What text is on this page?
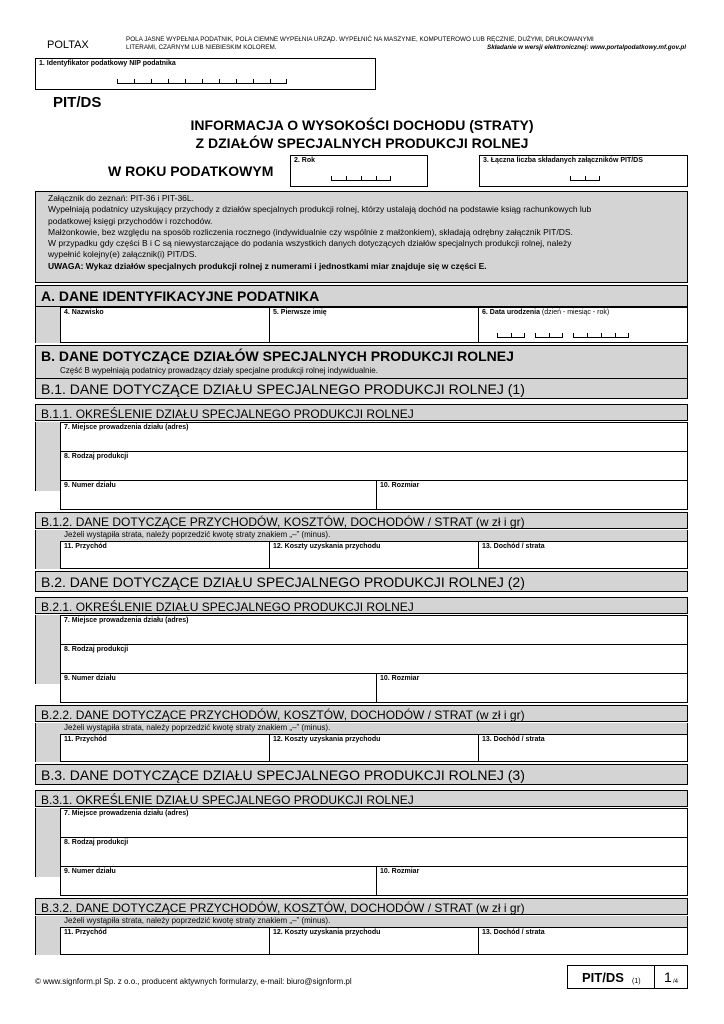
POLTAX	POLA JASNE WYPEŁNIA PODATNIK, POLA CIEMNE WYPEŁNIA URZĄD. WYPEŁNIĆ NA MASZYNIE, KOMPUTEROWO LUB RĘCZNIE, DUŻYMI, DRUKOWANYMI
LITERAMI, CZARNYM LUB NIEBIESKIM KOLOREM.	Składanie w wersji elektronicznej: www.portalpodatkowy.mf.gov.pl
1. Identyfikator podatkowy NIP podatnika
PIT/DS
INFORMACJA O WYSOKOŚCI DOCHODU (STRATY)
Z DZIAŁÓW SPECJALNYCH PRODUKCJI ROLNEJ
W ROKU PODATKOWYM
2. Rok	3. Łączna liczba składanych załączników PIT/DS
Załącznik do zeznań: PIT-36 i PIT-36L.
Wypełniają podatnicy uzyskujący przychody z działów specjalnych produkcji rolnej, którzy ustalają dochód na podstawie ksiąg rachunkowych lub
podatkowej księgi przychodów i rozchodów.
Małżonkowie, bez względu na sposób rozliczenia rocznego (indywidualnie czy wspólnie z małżonkiem), składają odrębny załącznik PIT/DS.
W przypadku gdy części B i C są niewystarczające do podania wszystkich danych dotyczących działów specjalnych produkcji rolnej, należy
wypełnić kolejny(e) załącznik(i) PIT/DS.
UWAGA: Wykaz działów specjalnych produkcji rolnej z numerami i jednostkami miar znajduje się w części E.
A. DANE IDENTYFIKACYJNE PODATNIKA
4. Nazwisko	5. Pierwsze imię	6. Data urodzenia (dzień - miesiąc - rok)
B. DANE DOTYCZĄCE DZIAŁÓW SPECJALNYCH PRODUKCJI ROLNEJ
Część B wypełniają podatnicy prowadzący działy specjalne produkcji rolnej indywidualnie.
B.1. DANE DOTYCZĄCE DZIAŁU SPECJALNEGO PRODUKCJI ROLNEJ (1)
B.1.1. OKREŚLENIE DZIAŁU SPECJALNEGO PRODUKCJI ROLNEJ
7. Miejsce prowadzenia działu (adres)
8. Rodzaj produkcji
9. Numer działu	10. Rozmiar
B.1.2. DANE DOTYCZĄCE PRZYCHODÓW, KOSZTÓW, DOCHODÓW / STRAT (w zł i gr)
Jeżeli wystąpiła strata, należy poprzedzić kwotę straty znakiem „–” (minus).
11. Przychód	12. Koszty uzyskania przychodu	13. Dochód / strata
B.2. DANE DOTYCZĄCE DZIAŁU SPECJALNEGO PRODUKCJI ROLNEJ (2)
B.2.1. OKREŚLENIE DZIAŁU SPECJALNEGO PRODUKCJI ROLNEJ
7. Miejsce prowadzenia działu (adres)
8. Rodzaj produkcji
9. Numer działu	10. Rozmiar
B.2.2. DANE DOTYCZĄCE PRZYCHODÓW, KOSZTÓW, DOCHODÓW / STRAT (w zł i gr)
Jeżeli wystąpiła strata, należy poprzedzić kwotę straty znakiem „–” (minus).
11. Przychód	12. Koszty uzyskania przychodu	13. Dochód / strata
B.3. DANE DOTYCZĄCE DZIAŁU SPECJALNEGO PRODUKCJI ROLNEJ (3)
B.3.1. OKREŚLENIE DZIAŁU SPECJALNEGO PRODUKCJI ROLNEJ
7. Miejsce prowadzenia działu (adres)
8. Rodzaj produkcji
9. Numer działu	10. Rozmiar
B.3.2. DANE DOTYCZĄCE PRZYCHODÓW, KOSZTÓW, DOCHODÓW / STRAT (w zł i gr)
Jeżeli wystąpiła strata, należy poprzedzić kwotę straty znakiem „–” (minus).
11. Przychód	12. Koszty uzyskania przychodu	13. Dochód / strata
© www.signform.pl Sp. z o.o., producent aktywnych formularzy, e-mail: biuro@signform.pl	PIT/DS (1) 1 /4
